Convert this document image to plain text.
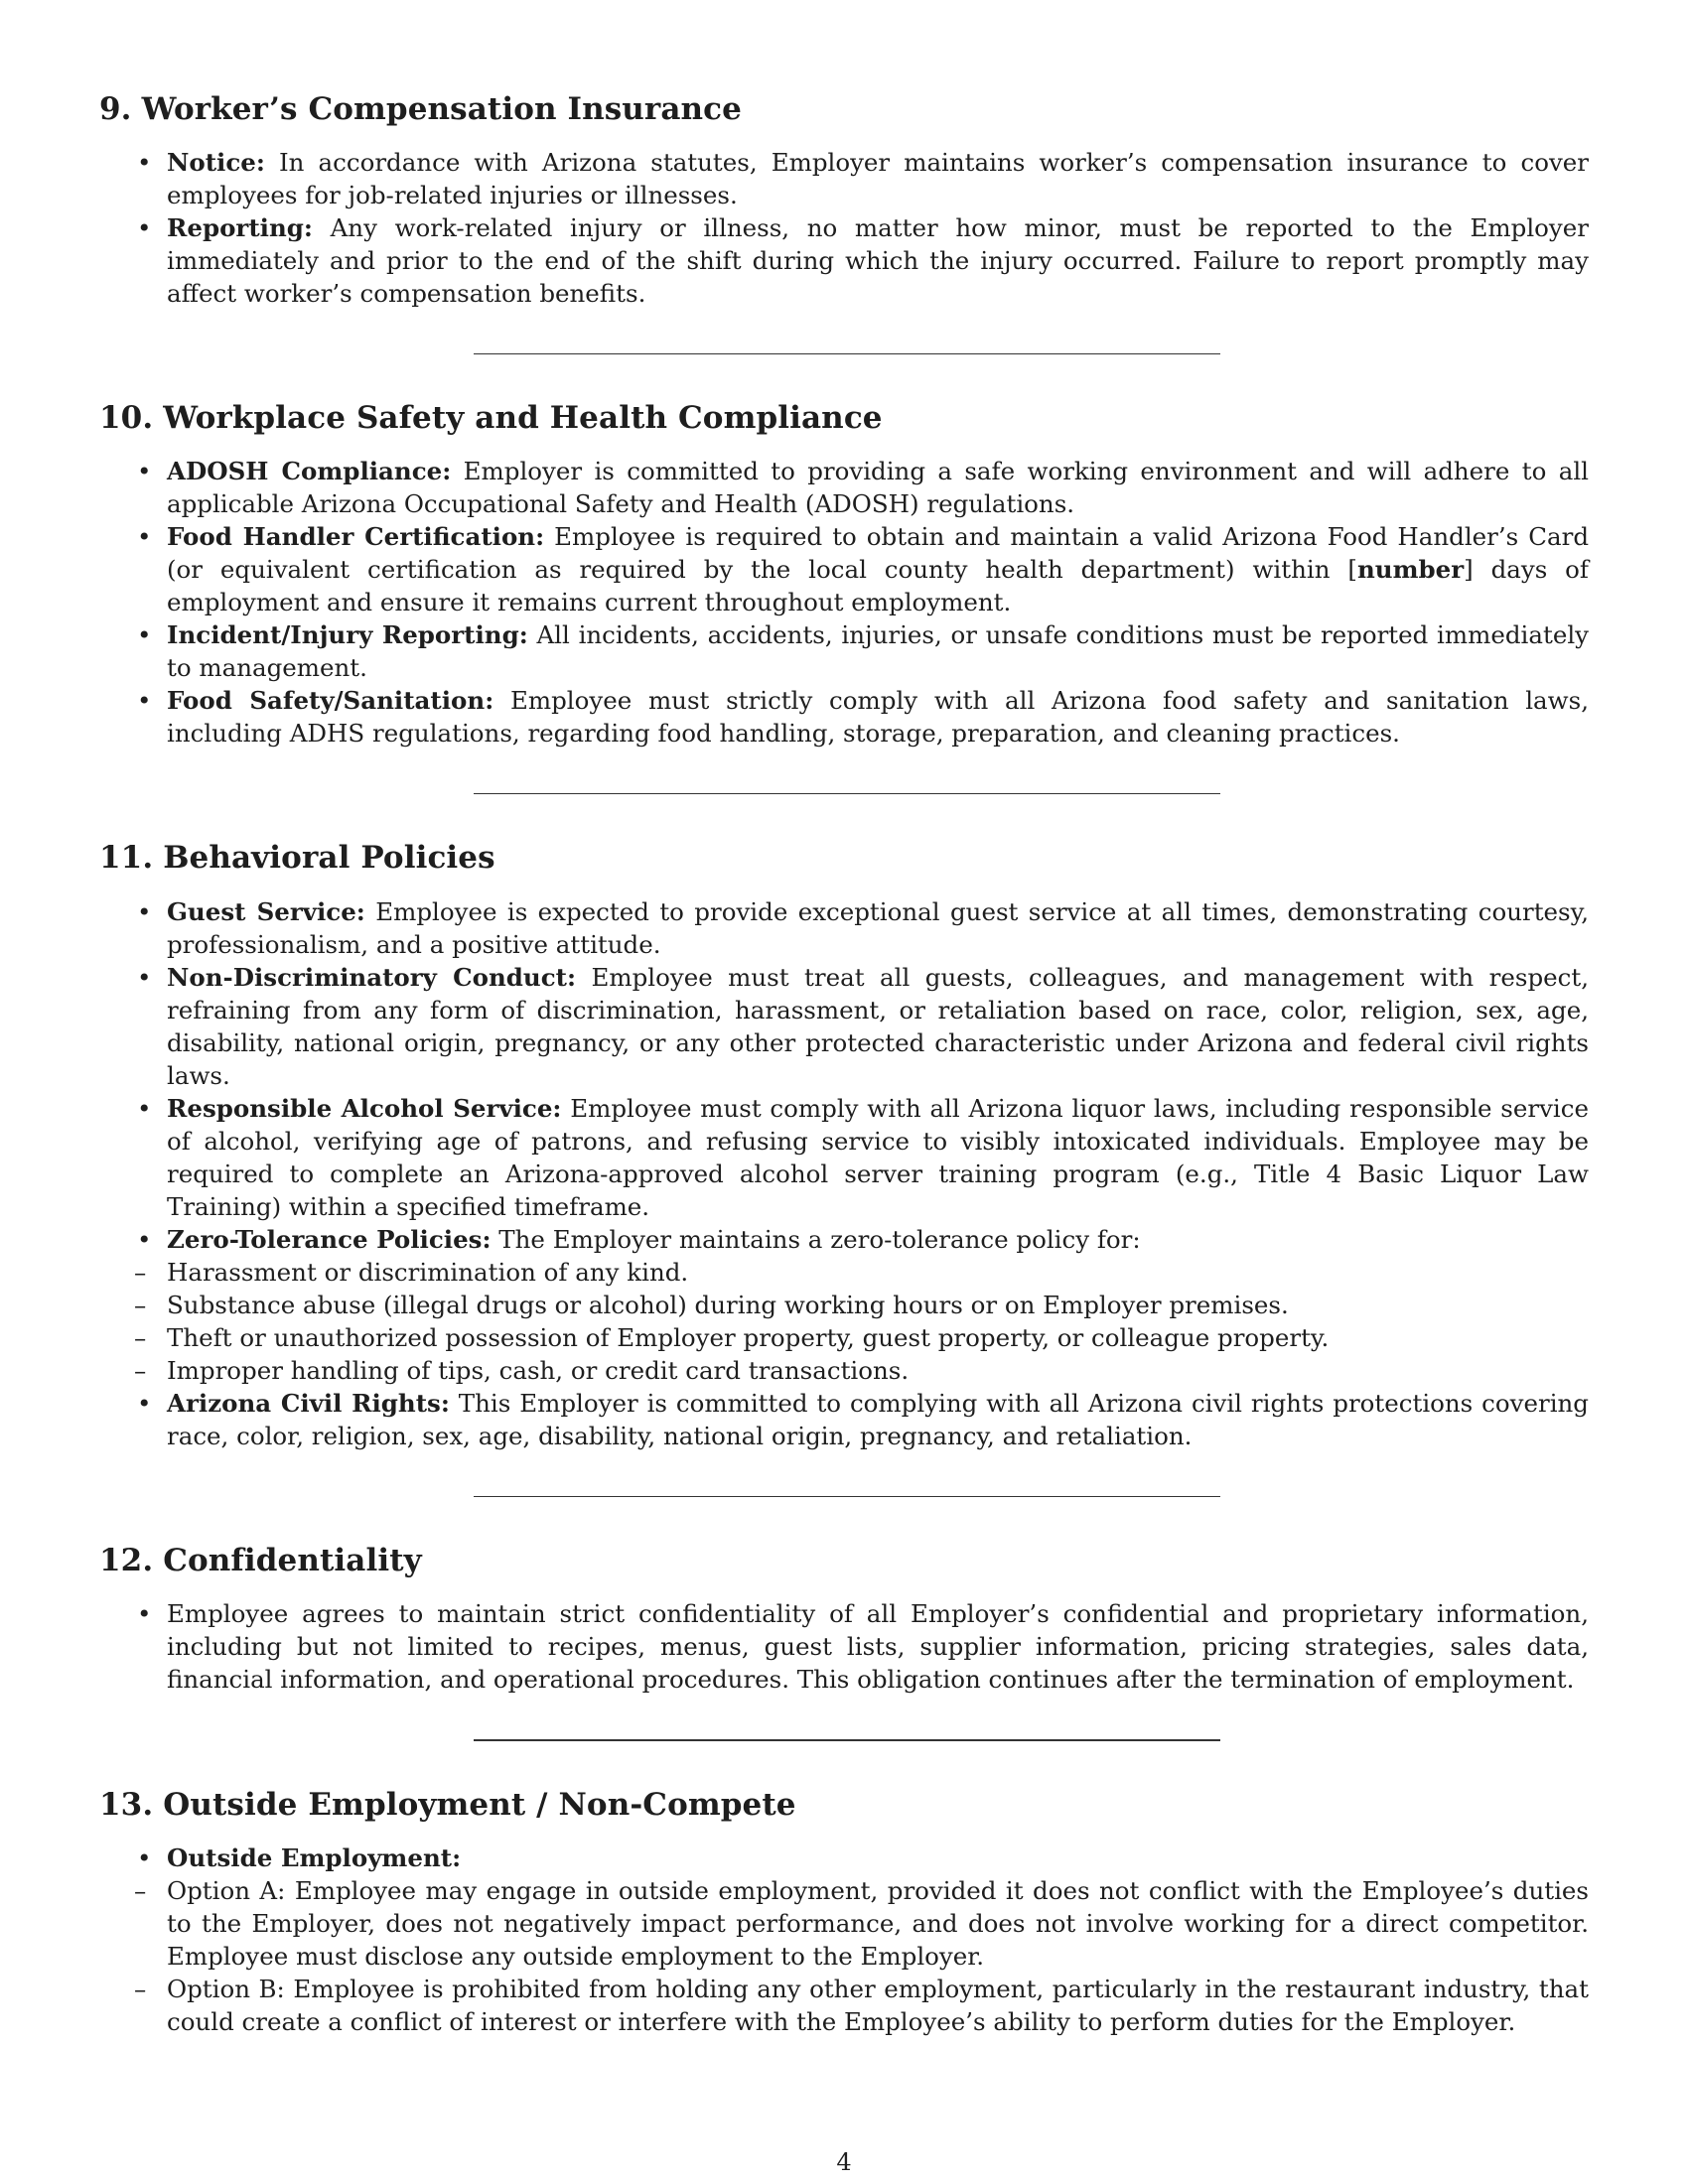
9. Worker’s Compensation Insurance
• Notice: In accordance with Arizona statutes, Employer maintains worker’s compensation insurance to cover employees for job-related injuries or illnesses.
• Reporting: Any work-related injury or illness, no matter how minor, must be reported to the Employer immediately and prior to the end of the shift during which the injury occurred. Failure to report promptly may affect worker’s compensation benefits.
10. Workplace Safety and Health Compliance
• ADOSH Compliance: Employer is committed to providing a safe working environment and will adhere to all applicable Arizona Occupational Safety and Health (ADOSH) regulations.
• Food Handler Certification: Employee is required to obtain and maintain a valid Arizona Food Handler’s Card (or equivalent certification as required by the local county health department) within [number] days of employment and ensure it remains current throughout employment.
• Incident/Injury Reporting: All incidents, accidents, injuries, or unsafe conditions must be reported immediately to management.
• Food Safety/Sanitation: Employee must strictly comply with all Arizona food safety and sanitation laws, including ADHS regulations, regarding food handling, storage, preparation, and cleaning practices.
11. Behavioral Policies
• Guest Service: Employee is expected to provide exceptional guest service at all times, demonstrating courtesy, professionalism, and a positive attitude.
• Non-Discriminatory Conduct: Employee must treat all guests, colleagues, and management with respect, refraining from any form of discrimination, harassment, or retaliation based on race, color, religion, sex, age, disability, national origin, pregnancy, or any other protected characteristic under Arizona and federal civil rights laws.
• Responsible Alcohol Service: Employee must comply with all Arizona liquor laws, including responsible service of alcohol, verifying age of patrons, and refusing service to visibly intoxicated individuals. Employee may be required to complete an Arizona-approved alcohol server training program (e.g., Title 4 Basic Liquor Law Training) within a specified timeframe.
• Zero-Tolerance Policies: The Employer maintains a zero-tolerance policy for:
– Harassment or discrimination of any kind.
– Substance abuse (illegal drugs or alcohol) during working hours or on Employer premises.
– Theft or unauthorized possession of Employer property, guest property, or colleague property.
– Improper handling of tips, cash, or credit card transactions.
• Arizona Civil Rights: This Employer is committed to complying with all Arizona civil rights protections covering race, color, religion, sex, age, disability, national origin, pregnancy, and retaliation.
12. Confidentiality
• Employee agrees to maintain strict confidentiality of all Employer’s confidential and proprietary information, including but not limited to recipes, menus, guest lists, supplier information, pricing strategies, sales data, financial information, and operational procedures. This obligation continues after the termination of employment.
13. Outside Employment / Non-Compete
• Outside Employment:
– Option A: Employee may engage in outside employment, provided it does not conflict with the Employee’s duties to the Employer, does not negatively impact performance, and does not involve working for a direct competitor. Employee must disclose any outside employment to the Employer.
– Option B: Employee is prohibited from holding any other employment, particularly in the restaurant industry, that could create a conflict of interest or interfere with the Employee’s ability to perform duties for the Employer.
4
